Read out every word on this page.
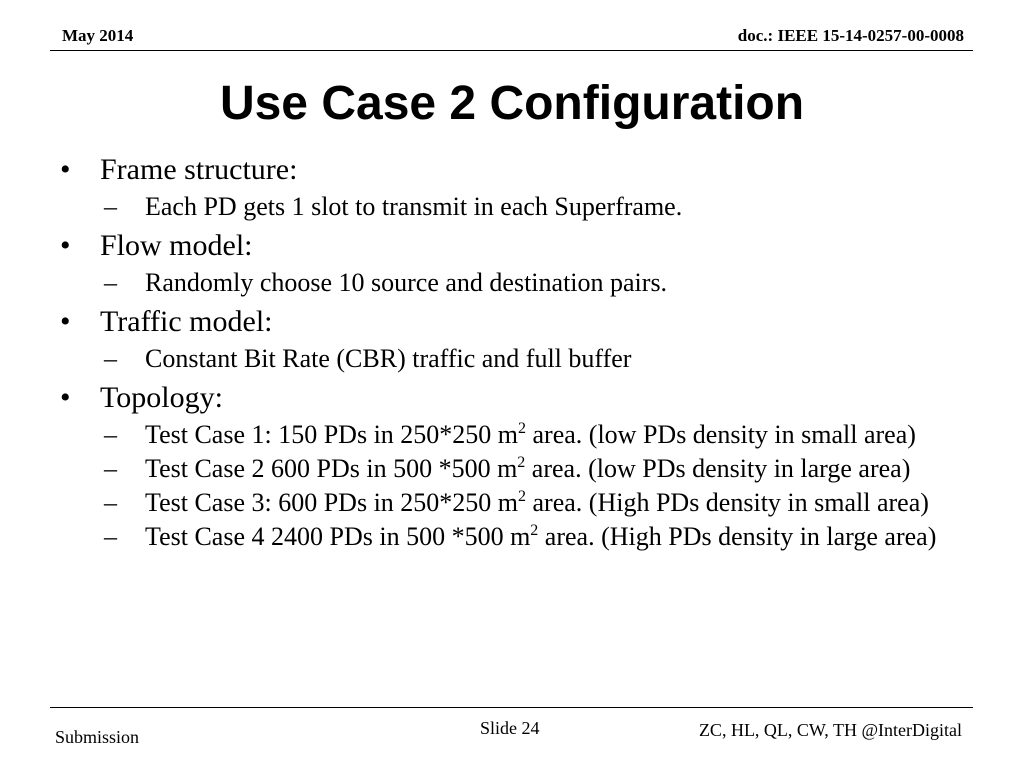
May 2014	doc.: IEEE 15-14-0257-00-0008
Use Case 2 Configuration
• Frame structure:
– Each PD gets 1 slot to transmit in each Superframe.
• Flow model:
– Randomly choose 10 source and destination pairs.
• Traffic model:
– Constant Bit Rate (CBR) traffic and full buffer
• Topology:
– Test Case 1: 150 PDs in 250*250 $m^2$ area. (low PDs density in small area)
– Test Case 2 600 PDs in 500 *500 $m^2$ area. (low PDs density in large area)
– Test Case 3: 600 PDs in 250*250 $m^2$ area. (High PDs density in small area)
– Test Case 4 2400 PDs in 500 *500 $m^2$ area. (High PDs density in large area)
Submission	Slide 24	ZC, HL, QL, CW, TH @InterDigital
